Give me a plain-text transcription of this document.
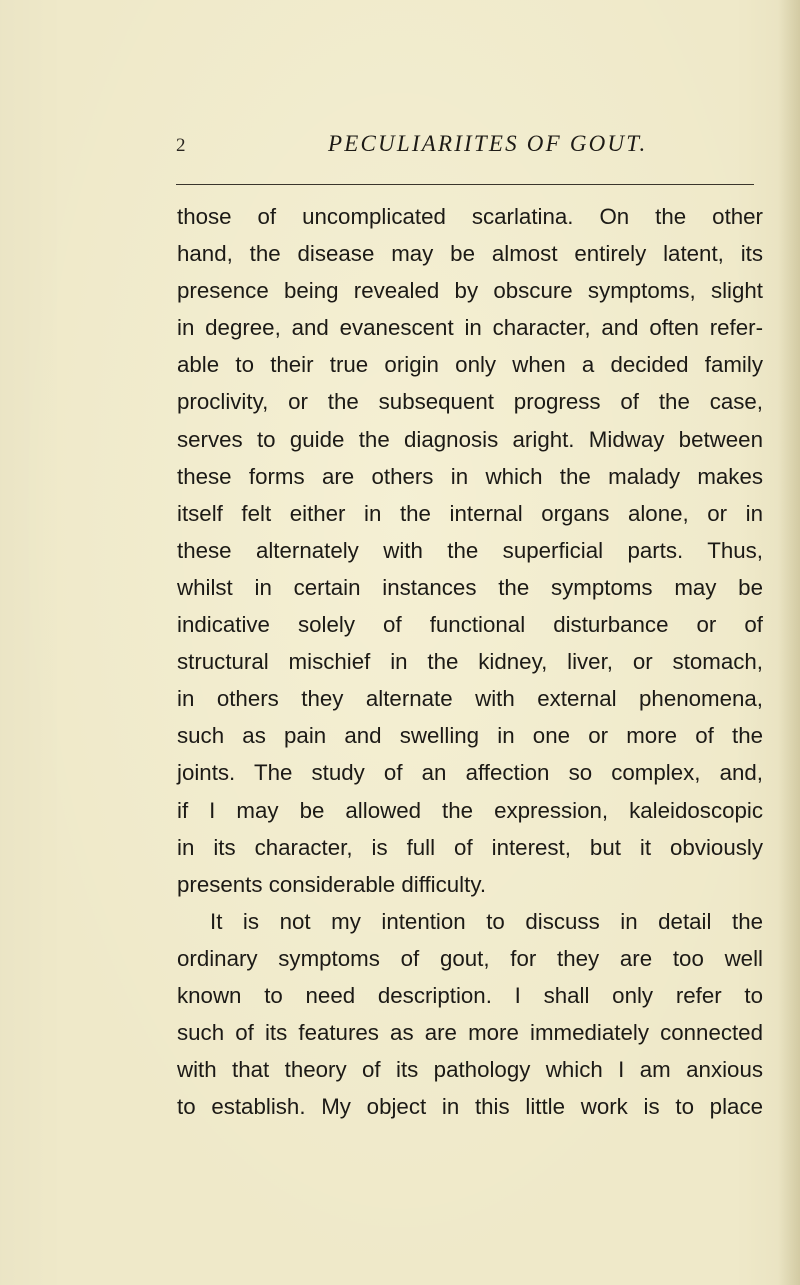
2	PECULIARIITES OF GOUT.
those of uncomplicated scarlatina. On the other
hand, the disease may be almost entirely latent, its
presence being revealed by obscure symptoms, slight
in degree, and evanescent in character, and often refer-
able to their true origin only when a decided family
proclivity, or the subsequent progress of the case,
serves to guide the diagnosis aright. Midway between
these forms are others in which the malady makes
itself felt either in the internal organs alone, or in
these alternately with the superficial parts. Thus,
whilst in certain instances the symptoms may be
indicative solely of functional disturbance or of
structural mischief in the kidney, liver, or stomach,
in others they alternate with external phenomena,
such as pain and swelling in one or more of the
joints. The study of an affection so complex, and,
if I may be allowed the expression, kaleidoscopic
in its character, is full of interest, but it obviously
presents considerable difficulty.
It is not my intention to discuss in detail the
ordinary symptoms of gout, for they are too well
known to need description. I shall only refer to
such of its features as are more immediately connected
with that theory of its pathology which I am anxious
to establish. My object in this little work is to place
